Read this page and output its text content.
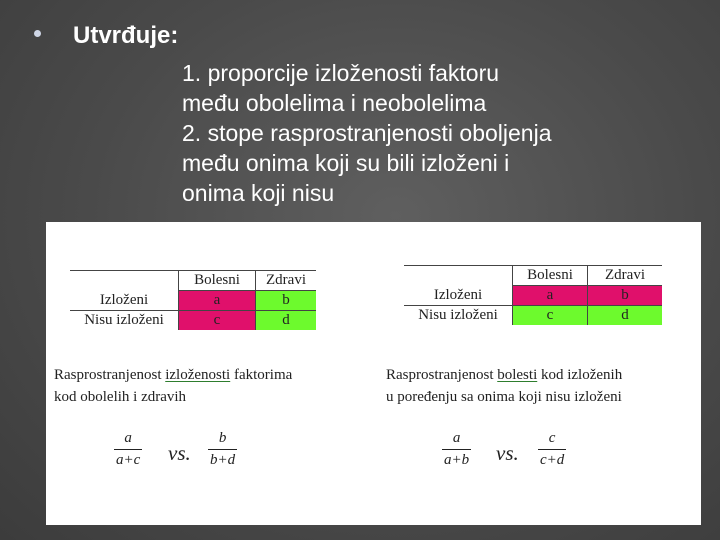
Utvrđuje:
1. proporcije izloženosti faktoru
među obolelima i neobolelima
2. stope rasprostranjenosti oboljenja
među onima koji su bili izloženi i
onima koji nisu
	Bolesni	Zdravi
Izloženi	a	b
Nisu izloženi	c	d
	Bolesni	Zdravi
Izloženi	a	b
Nisu izloženi	c	d
Rasprostranjenost izloženosti faktorima
kod obolelih i zdravih
Rasprostranjenost bolesti kod izloženih
u poređenju sa onima koji nisu izloženi
a
a+c vs.
b
b+d
a
a+b vs.
c
c+d
